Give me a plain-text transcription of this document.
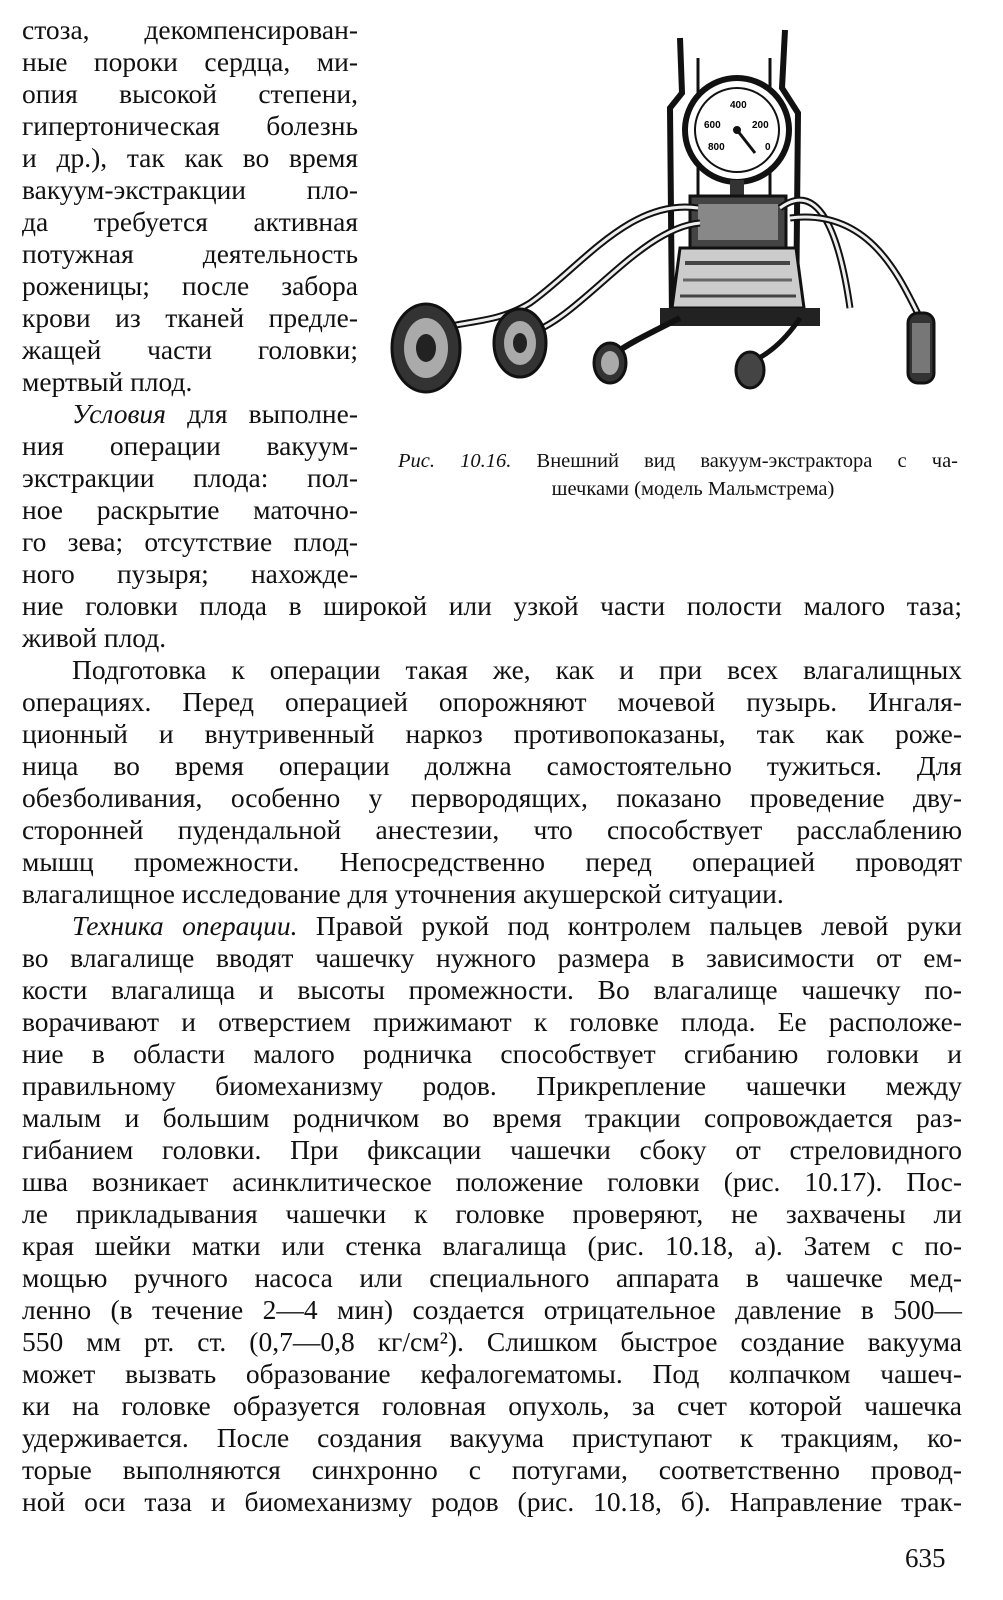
400
600	200
800	0
Рис. 10.16. Внешний вид вакуум-экстрактора с ча-
шечками (модель Мальмстрема)
стоза, декомпенсирован-
ные пороки сердца, ми-
опия высокой степени,
гипертоническая болезнь
и др.), так как во время
вакуум-экстракции пло-
да требуется активная
потужная деятельность
роженицы; после забора
крови из тканей предле-
жащей части головки;
мертвый плод.
Условия для выполне-
ния операции вакуум-
экстракции плода: пол-
ное раскрытие маточно-
го зева; отсутствие плод-
ного пузыря; нахожде-
ние головки плода в широкой или узкой части полости малого таза;
живой плод.
Подготовка к операции такая же, как и при всех влагалищных
операциях. Перед операцией опорожняют мочевой пузырь. Ингаля-
ционный и внутривенный наркоз противопоказаны, так как роже-
ница во время операции должна самостоятельно тужиться. Для
обезболивания, особенно у первородящих, показано проведение дву-
сторонней пудендальной анестезии, что способствует расслаблению
мышц промежности. Непосредственно перед операцией проводят
влагалищное исследование для уточнения акушерской ситуации.
Техника операции. Правой рукой под контролем пальцев левой руки
во влагалище вводят чашечку нужного размера в зависимости от ем-
кости влагалища и высоты промежности. Во влагалище чашечку по-
ворачивают и отверстием прижимают к головке плода. Ее расположе-
ние в области малого родничка способствует сгибанию головки и
правильному биомеханизму родов. Прикрепление чашечки между
малым и большим родничком во время тракции сопровождается раз-
гибанием головки. При фиксации чашечки сбоку от стреловидного
шва возникает асинклитическое положение головки (рис. 10.17). Пос-
ле прикладывания чашечки к головке проверяют, не захвачены ли
края шейки матки или стенка влагалища (рис. 10.18, а). Затем с по-
мощью ручного насоса или специального аппарата в чашечке мед-
ленно (в течение 2—4 мин) создается отрицательное давление в 500—
550 мм рт. ст. (0,7—0,8 кг/см²). Слишком быстрое создание вакуума
может вызвать образование кефалогематомы. Под колпачком чашеч-
ки на головке образуется головная опухоль, за счет которой чашечка
удерживается. После создания вакуума приступают к тракциям, ко-
торые выполняются синхронно с потугами, соответственно провод-
ной оси таза и биомеханизму родов (рис. 10.18, б). Направление трак-
635
